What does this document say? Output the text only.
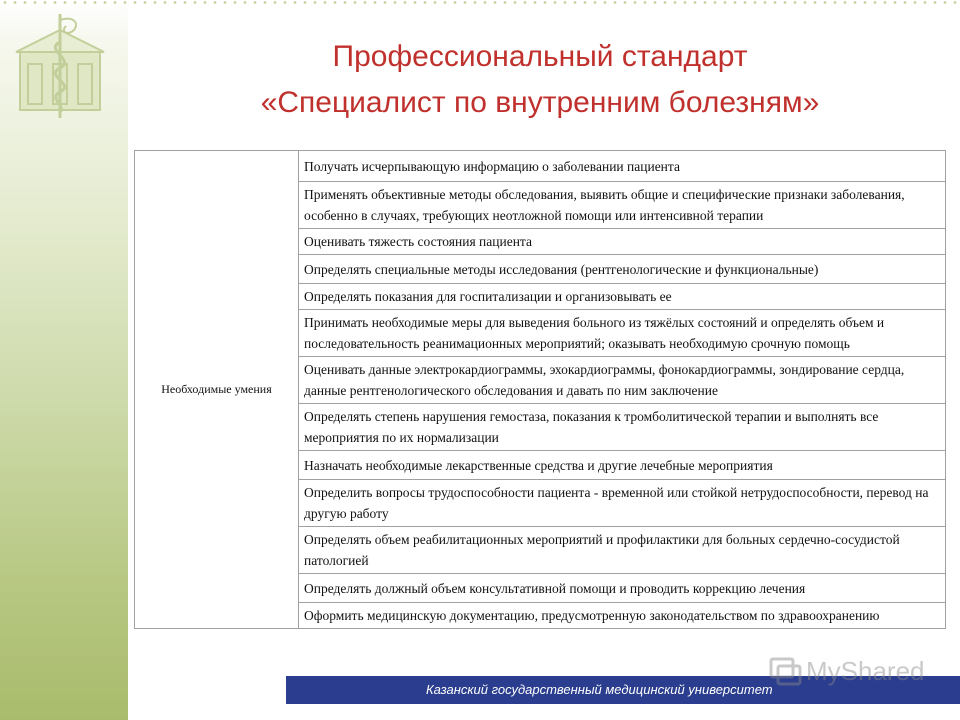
Профессиональный стандарт
«Специалист по внутренним болезням»
Необходимые умения	Получать исчерпывающую информацию о заболевании пациента
Применять объективные методы обследования, выявить общие и специфические признаки заболевания, особенно в случаях, требующих неотложной помощи или интенсивной терапии
Оценивать тяжесть состояния пациента
Определять специальные методы исследования (рентгенологические и функциональные)
Определять показания для госпитализации и организовывать ее
Принимать необходимые меры для выведения больного из тяжёлых состояний и определять объем и последовательность реанимационных мероприятий; оказывать необходимую срочную помощь
Оценивать данные электрокардиограммы, эхокардиограммы, фонокардиограммы, зондирование сердца, данные рентгенологического обследования и давать по ним заключение
Определять степень нарушения гемостаза, показания к тромболитической терапии и выполнять все мероприятия по их нормализации
Назначать необходимые лекарственные средства и другие лечебные мероприятия
Определить вопросы трудоспособности пациента - временной или стойкой нетрудоспособности, перевод на другую работу
Определять объем реабилитационных мероприятий и профилактики для больных сердечно-сосудистой патологией
Определять должный объем консультативной помощи и проводить коррекцию лечения
Оформить медицинскую документацию, предусмотренную законодательством по здравоохранению
Казанский государственный медицинский университет
MyShared
